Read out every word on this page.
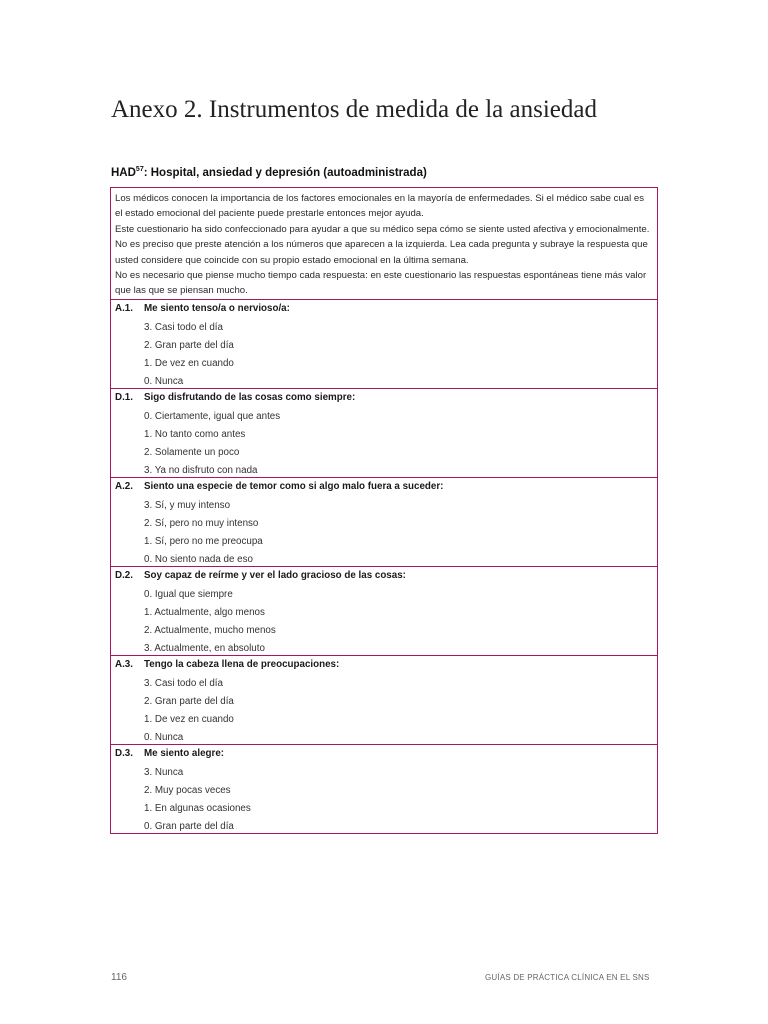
Anexo 2. Instrumentos de medida de la ansiedad
HAD$^{57}$: Hospital, ansiedad y depresión (autoadministrada)

Los médicos conocen la importancia de los factores emocionales en la mayoría de enfermedades. Si el médico sabe cual es el estado emocional del paciente puede prestarle entonces mejor ayuda.

Este cuestionario ha sido confeccionado para ayudar a que su médico sepa cómo se siente usted afectiva y emocionalmente. No es preciso que preste atención a los números que aparecen a la izquierda. Lea cada pregunta y subraye la respuesta que usted considere que coincide con su propio estado emocional en la última semana.

No es necesario que piense mucho tiempo cada respuesta: en este cuestionario las respuestas espontáneas tiene más valor que las que se piensan mucho.

A.1. Me siento tenso/a o nervioso/a:
3. Casi todo el día
2. Gran parte del día
1. De vez en cuando
0. Nunca
D.1. Sigo disfrutando de las cosas como siempre:
0. Ciertamente, igual que antes
1. No tanto como antes
2. Solamente un poco
3. Ya no disfruto con nada
A.2. Siento una especie de temor como si algo malo fuera a suceder:
3. Sí, y muy intenso
2. Sí, pero no muy intenso
1. Sí, pero no me preocupa
0. No siento nada de eso
D.2. Soy capaz de reírme y ver el lado gracioso de las cosas:
0. Igual que siempre
1. Actualmente, algo menos
2. Actualmente, mucho menos
3. Actualmente, en absoluto
A.3. Tengo la cabeza llena de preocupaciones:
3. Casi todo el día
2. Gran parte del día
1. De vez en cuando
0. Nunca
D.3. Me siento alegre:
3. Nunca
2. Muy pocas veces
1. En algunas ocasiones
0. Gran parte del día
116	GUÍAS DE PRÁCTICA CLÍNICA EN EL SNS
